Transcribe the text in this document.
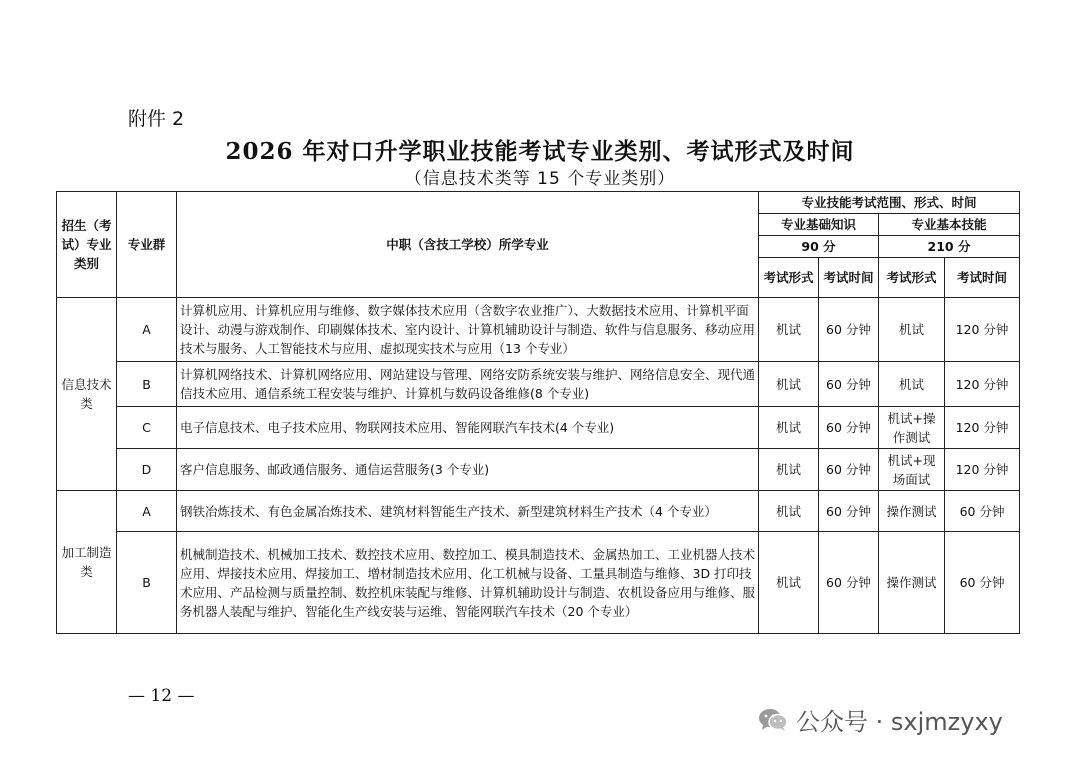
附件 2
2026 年对口升学职业技能考试专业类别、考试形式及时间
（信息技术类等 15 个专业类别）
招生（考试）专业类别	专业群	中职（含技工学校）所学专业	专业技能考试范围、形式、时间			
			专业基础知识		专业基本技能	
			90 分		210 分	
			考试形式	考试时间	考试形式	考试时间
信息技术类	A	计算机应用、计算机应用与维修、数字媒体技术应用（含数字农业推广）、大数据技术应用、计算机平面设计、动漫与游戏制作、印刷媒体技术、室内设计、计算机辅助设计与制造、软件与信息服务、移动应用技术与服务、人工智能技术与应用、虚拟现实技术与应用（13 个专业）	机试	60 分钟	机试	120 分钟
	B	计算机网络技术、计算机网络应用、网站建设与管理、网络安防系统安装与维护、网络信息安全、现代通信技术应用、通信系统工程安装与维护、计算机与数码设备维修(8 个专业)	机试	60 分钟	机试	120 分钟
	C	电子信息技术、电子技术应用、物联网技术应用、智能网联汽车技术(4 个专业)	机试	60 分钟	机试+操作测试	120 分钟
	D	客户信息服务、邮政通信服务、通信运营服务(3 个专业)	机试	60 分钟	机试+现场面试	120 分钟
加工制造类	A	钢铁冶炼技术、有色金属冶炼技术、建筑材料智能生产技术、新型建筑材料生产技术（4 个专业）	机试	60 分钟	操作测试	60 分钟
	B	机械制造技术、机械加工技术、数控技术应用、数控加工、模具制造技术、金属热加工、工业机器人技术应用、焊接技术应用、焊接加工、增材制造技术应用、化工机械与设备、工量具制造与维修、3D 打印技术应用、产品检测与质量控制、数控机床装配与维修、计算机辅助设计与制造、农机设备应用与维修、服务机器人装配与维护、智能化生产线安装与运维、智能网联汽车技术（20 个专业）	机试	60 分钟	操作测试	60 分钟
— 12 —
公众号 · sxjmzyxy
